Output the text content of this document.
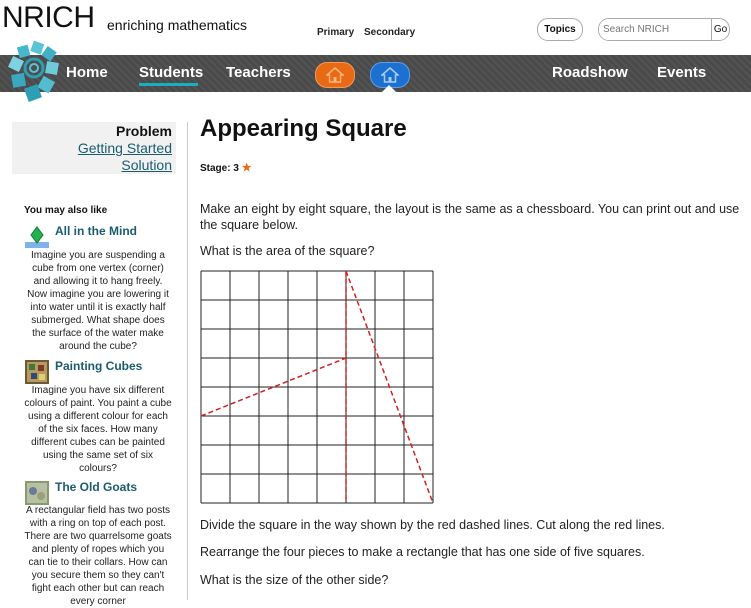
NRICH enriching mathematics	Primary Secondary	Topics
Search NRICH	Go
Home Students Teachers	Roadshow Events
Problem
Getting Started
Solution
You may also like
All in the Mind
Imagine you are suspending a cube from one vertex (corner) and allowing it to hang freely. Now imagine you are lowering it into water until it is exactly half submerged. What shape does the surface of the water make around the cube?
Painting Cubes
Imagine you have six different colours of paint. You paint a cube using a different colour for each of the six faces. How many different cubes can be painted using the same set of six colours?
The Old Goats
A rectangular field has two posts with a ring on top of each post. There are two quarrelsome goats and plenty of ropes which you can tie to their collars. How can you secure them so they can't fight each other but can reach every corner
Appearing Square
Stage: 3 ★
Make an eight by eight square, the layout is the same as a chessboard. You can print out and use the square below.
What is the area of the square?
Divide the square in the way shown by the red dashed lines. Cut along the red lines.
Rearrange the four pieces to make a rectangle that has one side of five squares.
What is the size of the other side?
